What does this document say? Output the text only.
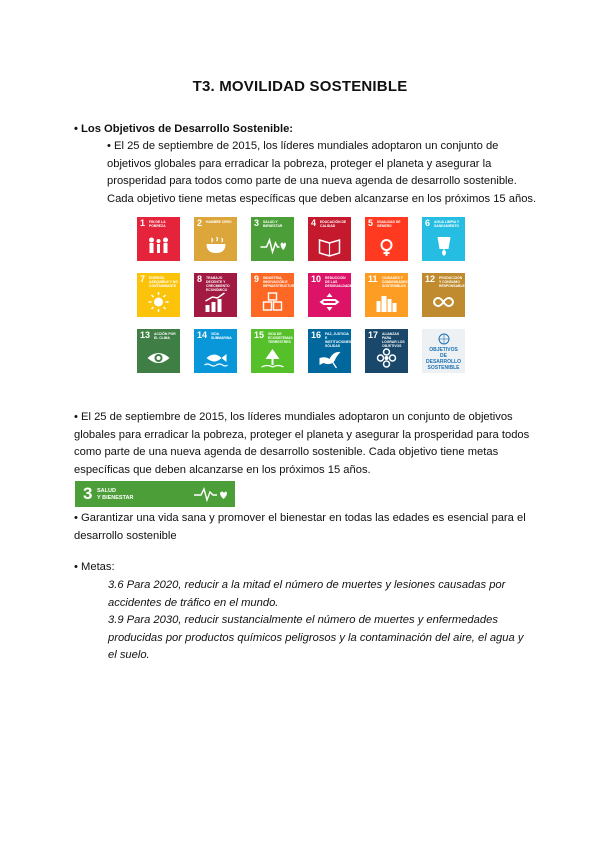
T3. MOVILIDAD SOSTENIBLE
• Los Objetivos de Desarrollo Sostenible:
• El 25 de septiembre de 2015, los líderes mundiales adoptaron un conjunto de
objetivos globales para erradicar la pobreza, proteger el planeta y asegurar la
prosperidad para todos como parte de una nueva agenda de desarrollo sostenible.
Cada objetivo tiene metas específicas que deben alcanzarse en los próximos 15 años.
1 FIN DE LA POBREZA	2 HAMBRE CERO	3 SALUD Y BIENESTAR	4 EDUCACIÓN DE CALIDAD	5 IGUALDAD DE GÉNERO	6 AGUA LIMPIA Y SANEAMIENTO
7 ENERGÍA ASEQUIBLE Y NO CONTAMINANTE
8 TRABAJO DECENTE Y CRECIMIENTO ECONÓMICO
9 INDUSTRIA, INNOVACIÓN E INFRAESTRUCTURA
10 REDUCCIÓN DE LAS DESIGUALDADES
11 CIUDADES Y COMUNIDADES SOSTENIBLES
12 PRODUCCIÓN Y CONSUMO RESPONSABLES
13 ACCIÓN POR EL CLIMA	14 VIDA SUBMARINA	15 VIDA DE ECOSISTEMAS TERRESTRES
16 PAZ, JUSTICIA E INSTITUCIONES SÓLIDAS
17 ALIANZAS PARA LOGRAR LOS OBJETIVOS
OBJETIVOS
DE DESARROLLO
SOSTENIBLE
• El 25 de septiembre de 2015, los líderes mundiales adoptaron un conjunto de objetivos
globales para erradicar la pobreza, proteger el planeta y asegurar la prosperidad para todos
como parte de una nueva agenda de desarrollo sostenible. Cada objetivo tiene metas
específicas que deben alcanzarse en los próximos 15 años.
3 SALUD
Y BIENESTAR
• Garantizar una vida sana y promover el bienestar en todas las edades es esencial para el
desarrollo sostenible
• Metas:
3.6 Para 2020, reducir a la mitad el número de muertes y lesiones causadas por
accidentes de tráfico en el mundo.
3.9 Para 2030, reducir sustancialmente el número de muertes y enfermedades
producidas por productos químicos peligrosos y la contaminación del aire, el agua y
el suelo.
